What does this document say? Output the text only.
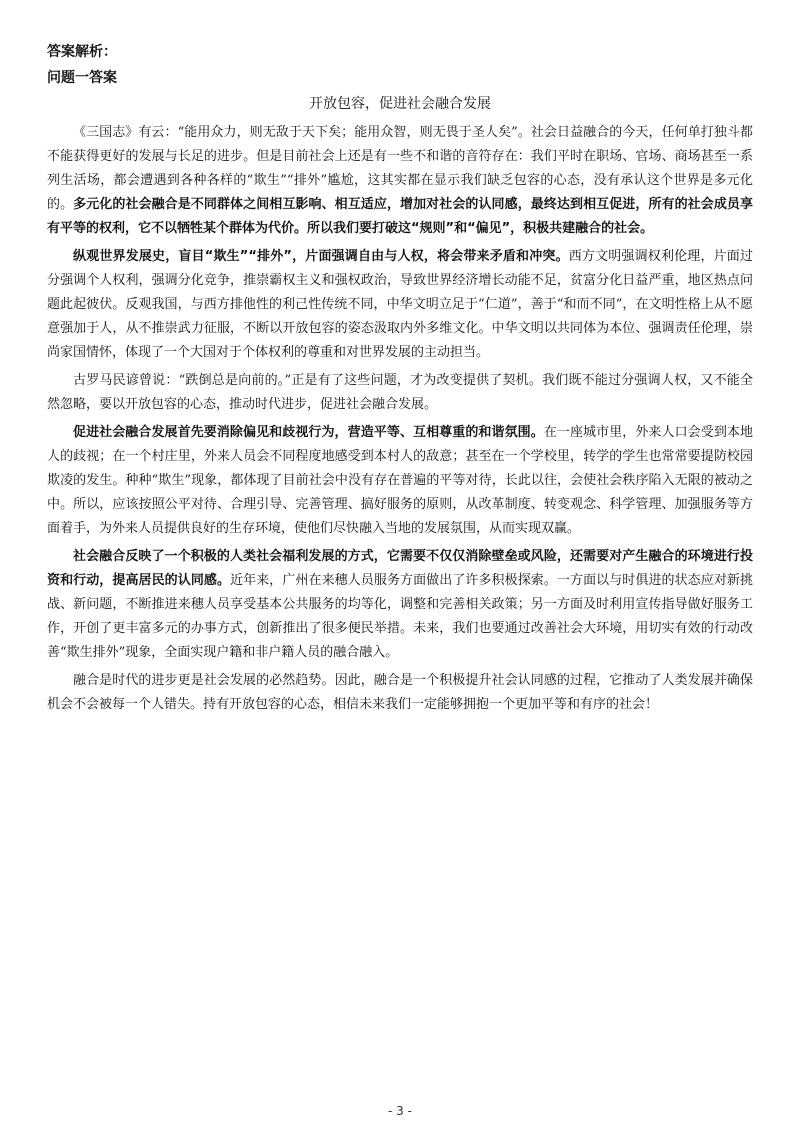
答案解析：
问题一答案
开放包容，促进社会融合发展

《三国志》有云：“能用众力，则无敌于天下矣；能用众智，则无畏于圣人矣”。社会日益融合的今天，任何单打独斗都不能获得更好的发展与长足的进步。但是目前社会上还是有一些不和谐的音符存在：我们平时在职场、官场、商场甚至一系列生活场，都会遭遇到各种各样的“欺生”“排外”尴尬，这其实都在显示我们缺乏包容的心态，没有承认这个世界是多元化的。多元化的社会融合是不同群体之间相互影响、相互适应，增加对社会的认同感，最终达到相互促进，所有的社会成员享有平等的权利，它不以牺牲某个群体为代价。所以我们要打破这“规则”和“偏见”，积极共建融合的社会。

纵观世界发展史，盲目“欺生”“排外”，片面强调自由与人权，将会带来矛盾和冲突。西方文明强调权利伦理，片面过分强调个人权利，强调分化竞争，推崇霸权主义和强权政治，导致世界经济增长动能不足，贫富分化日益严重，地区热点问题此起彼伏。反观我国，与西方排他性的利己性传统不同，中华文明立足于“仁道”，善于“和而不同”，在文明性格上从不愿意强加于人，从不推崇武力征服，不断以开放包容的姿态汲取内外多维文化。中华文明以共同体为本位、强调责任伦理，崇尚家国情怀，体现了一个大国对于个体权利的尊重和对世界发展的主动担当。

古罗马民谚曾说：“跌倒总是向前的。”正是有了这些问题，才为改变提供了契机。我们既不能过分强调人权，又不能全然忽略，要以开放包容的心态，推动时代进步，促进社会融合发展。

促进社会融合发展首先要消除偏见和歧视行为，营造平等、互相尊重的和谐氛围。在一座城市里，外来人口会受到本地人的歧视；在一个村庄里，外来人员会不同程度地感受到本村人的敌意；甚至在一个学校里，转学的学生也常常要提防校园欺凌的发生。种种“欺生”现象，都体现了目前社会中没有存在普遍的平等对待，长此以往，会使社会秩序陷入无限的被动之中。所以，应该按照公平对待、合理引导、完善管理、搞好服务的原则，从改革制度、转变观念、科学管理、加强服务等方面着手，为外来人员提供良好的生存环境，使他们尽快融入当地的发展氛围，从而实现双赢。

社会融合反映了一个积极的人类社会福利发展的方式，它需要不仅仅消除壁垒或风险，还需要对产生融合的环境进行投资和行动，提高居民的认同感。近年来，广州在来穗人员服务方面做出了许多积极探索。一方面以与时俱进的状态应对新挑战、新问题，不断推进来穗人员享受基本公共服务的均等化，调整和完善相关政策；另一方面及时利用宣传指导做好服务工作，开创了更丰富多元的办事方式，创新推出了很多便民举措。未来，我们也要通过改善社会大环境，用切实有效的行动改善“欺生排外”现象，全面实现户籍和非户籍人员的融合融入。

融合是时代的进步更是社会发展的必然趋势。因此，融合是一个积极提升社会认同感的过程，它推动了人类发展并确保机会不会被每一个人错失。持有开放包容的心态，相信未来我们一定能够拥抱一个更加平等和有序的社会！

- 3 -
